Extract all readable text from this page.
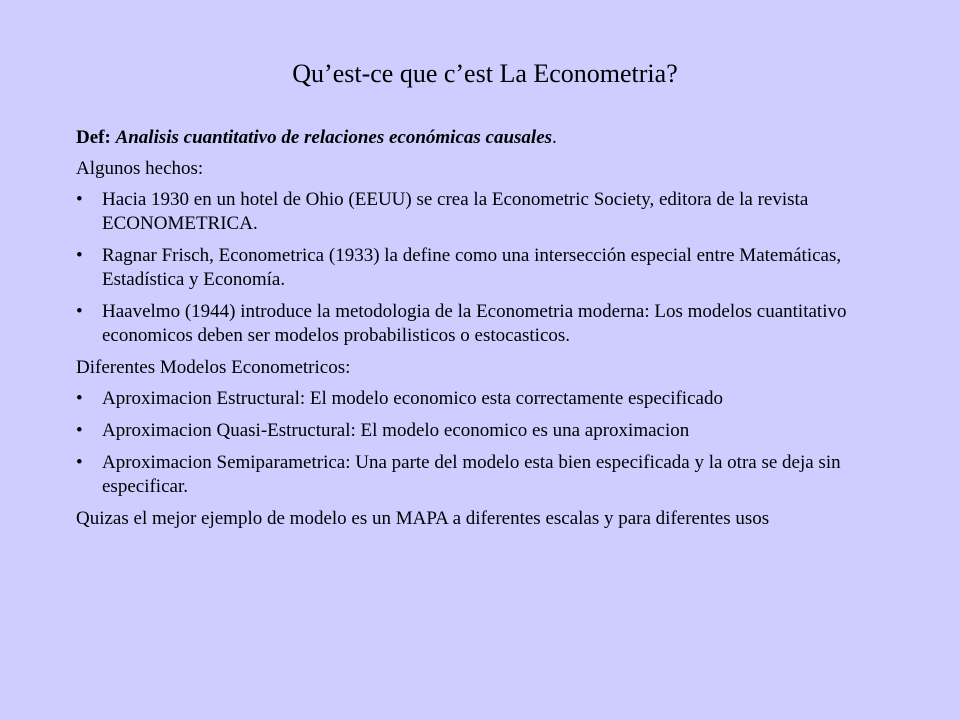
Qu’est-ce que c’est La Econometria?

Def: Analisis cuantitativo de relaciones económicas causales.

Algunos hechos:

• Hacia 1930 en un hotel de Ohio (EEUU) se crea la Econometric Society, editora de la revista ECONOMETRICA.
• Ragnar Frisch, Econometrica (1933) la define como una intersección especial entre Matemáticas, Estadística y Economía.
• Haavelmo (1944) introduce la metodologia de la Econometria moderna: Los modelos cuantitativo economicos deben ser modelos probabilisticos o estocasticos.

Diferentes Modelos Econometricos:

• Aproximacion Estructural: El modelo economico esta correctamente especificado
• Aproximacion Quasi-Estructural: El modelo economico es una aproximacion
• Aproximacion Semiparametrica: Una parte del modelo esta bien especificada y la otra se deja sin especificar.

Quizas el mejor ejemplo de modelo es un MAPA a diferentes escalas y para diferentes usos
